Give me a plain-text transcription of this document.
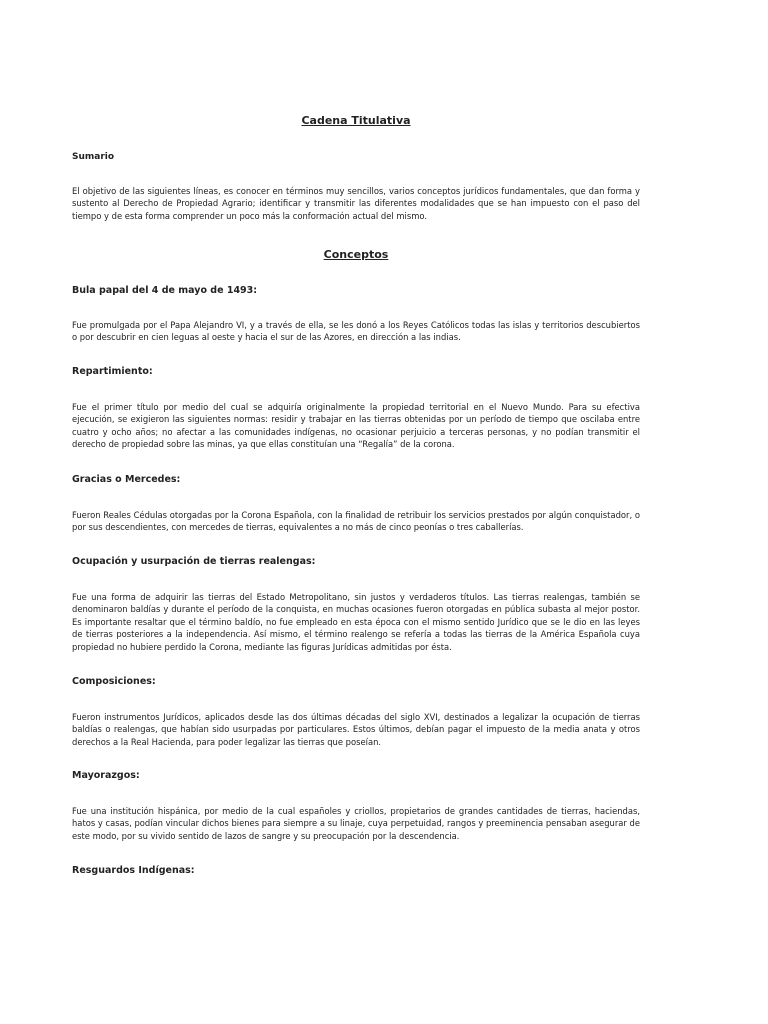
Cadena Titulativa
Sumario

El objetivo de las siguientes líneas, es conocer en términos muy sencillos, varios conceptos jurídicos fundamentales, que dan forma y sustento al Derecho de Propiedad Agrario; identificar y transmitir las diferentes modalidades que se han impuesto con el paso del tiempo y de esta forma comprender un poco más la conformación actual del mismo.

Conceptos
Bula papal del 4 de mayo de 1493:

Fue promulgada por el Papa Alejandro VI, y a través de ella, se les donó a los Reyes Católicos todas las islas y territorios descubiertos o por descubrir en cien leguas al oeste y hacia el sur de las Azores, en dirección a las indias.

Repartimiento:

Fue el primer título por medio del cual se adquiría originalmente la propiedad territorial en el Nuevo Mundo. Para su efectiva ejecución, se exigieron las siguientes normas: residir y trabajar en las tierras obtenidas por un período de tiempo que oscilaba entre cuatro y ocho años; no afectar a las comunidades indígenas, no ocasionar perjuicio a terceras personas, y no podían transmitir el derecho de propiedad sobre las minas, ya que ellas constituían una “Regalía” de la corona.

Gracias o Mercedes:

Fueron Reales Cédulas otorgadas por la Corona Española, con la finalidad de retribuir los servicios prestados por algún conquistador, o por sus descendientes, con mercedes de tierras, equivalentes a no más de cinco peonías o tres caballerías.

Ocupación y usurpación de tierras realengas:

Fue una forma de adquirir las tierras del Estado Metropolitano, sin justos y verdaderos títulos. Las tierras realengas, también se denominaron baldías y durante el período de la conquista, en muchas ocasiones fueron otorgadas en pública subasta al mejor postor. Es importante resaltar que el término baldío, no fue empleado en esta época con el mismo sentido Jurídico que se le dio en las leyes de tierras posteriores a la independencia. Así mismo, el término realengo se refería a todas las tierras de la América Española cuya propiedad no hubiere perdido la Corona, mediante las figuras Jurídicas admitidas por ésta.

Composiciones:

Fueron instrumentos Jurídicos, aplicados desde las dos últimas décadas del siglo XVI, destinados a legalizar la ocupación de tierras baldías o realengas, que habían sido usurpadas por particulares. Estos últimos, debían pagar el impuesto de la media anata y otros derechos a la Real Hacienda, para poder legalizar las tierras que poseían.

Mayorazgos:

Fue una institución hispánica, por medio de la cual españoles y criollos, propietarios de grandes cantidades de tierras, haciendas, hatos y casas, podían vincular dichos bienes para siempre a su linaje, cuya perpetuidad, rangos y preeminencia pensaban asegurar de este modo, por su vivido sentido de lazos de sangre y su preocupación por la descendencia.

Resguardos Indígenas:
